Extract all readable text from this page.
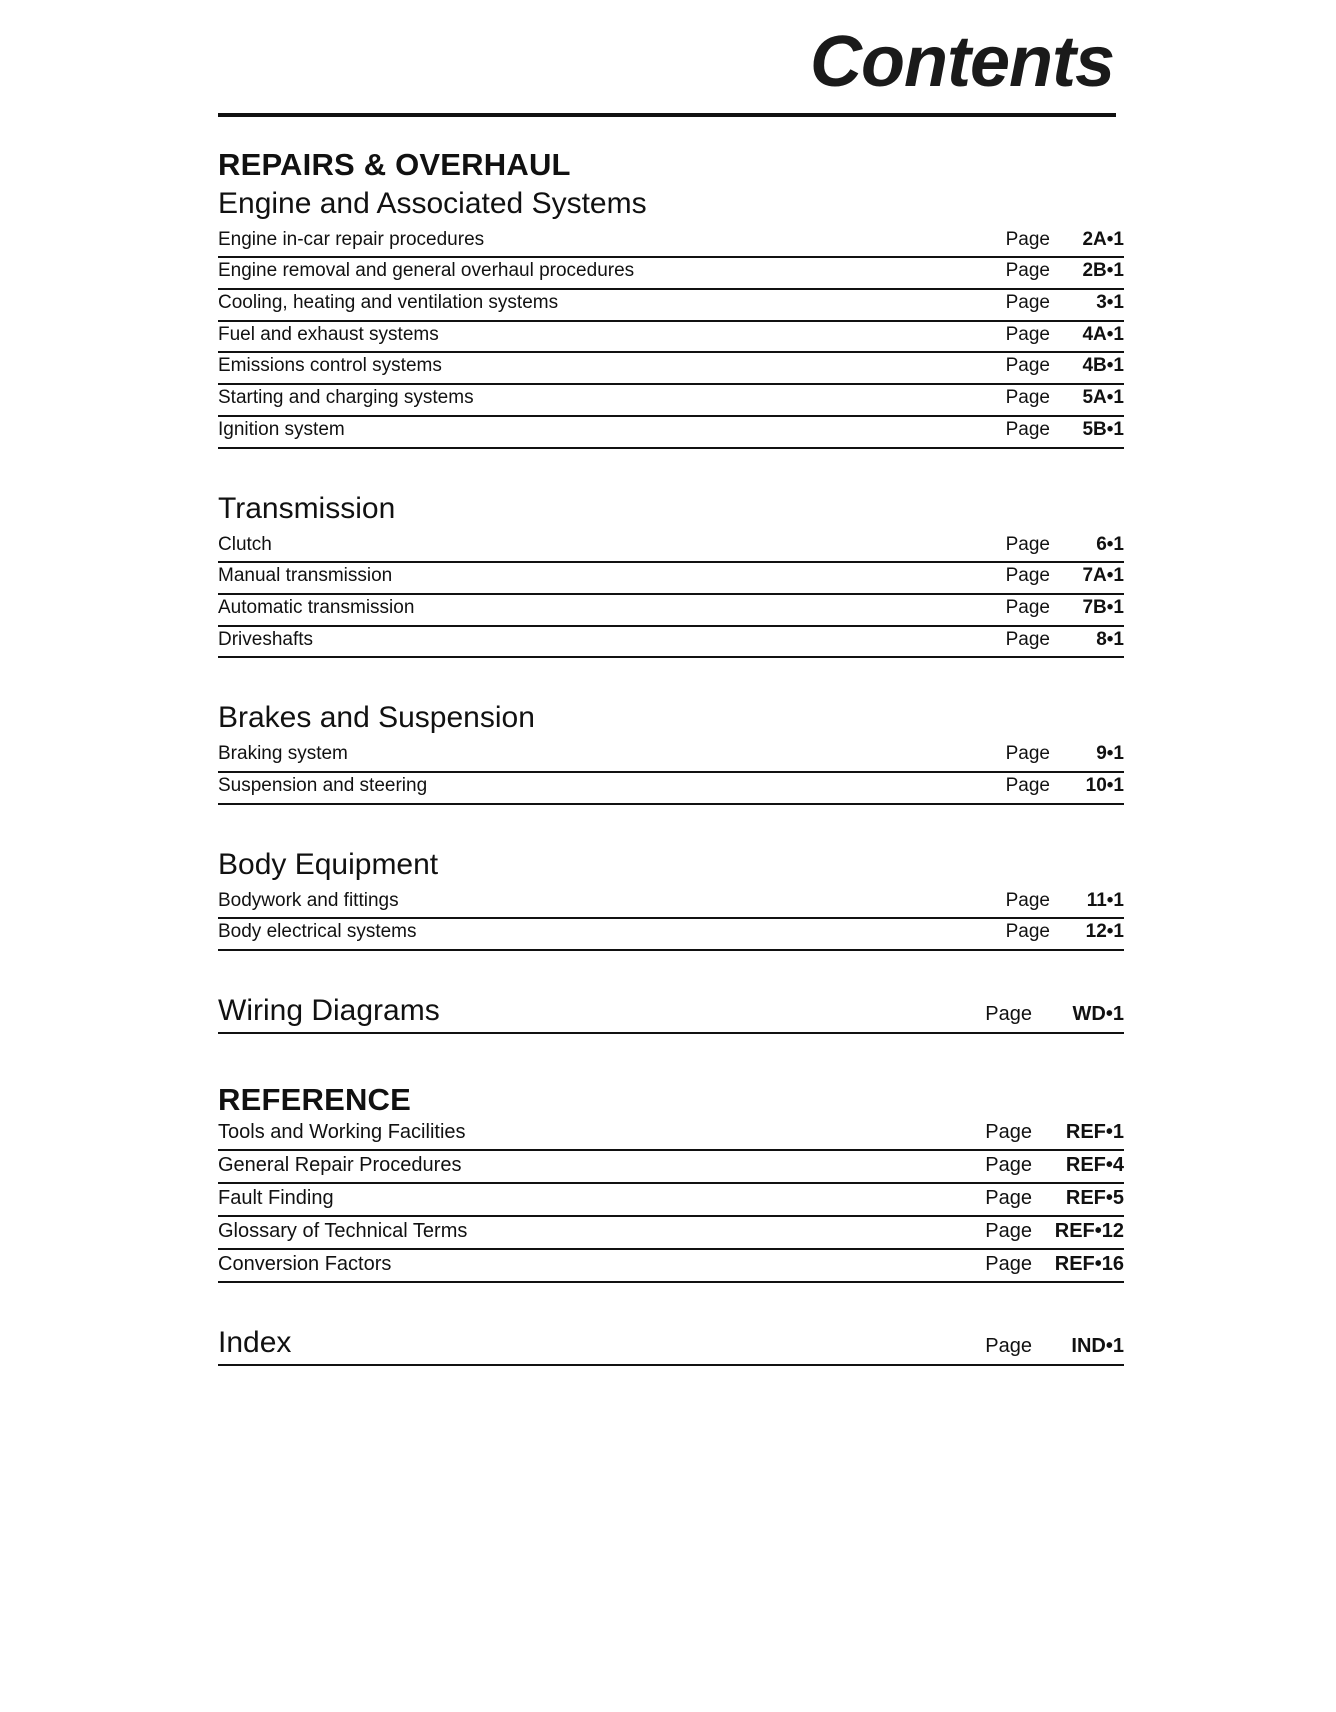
Contents
REPAIRS & OVERHAUL
Engine and Associated Systems
Engine in-car repair procedures	Page	2A•1
Engine removal and general overhaul procedures	Page	2B•1
Cooling, heating and ventilation systems	Page	3•1
Fuel and exhaust systems	Page	4A•1
Emissions control systems	Page	4B•1
Starting and charging systems	Page	5A•1
Ignition system	Page	5B•1
Transmission
Clutch	Page	6•1
Manual transmission	Page	7A•1
Automatic transmission	Page	7B•1
Driveshafts	Page	8•1
Brakes and Suspension
Braking system	Page	9•1
Suspension and steering	Page	10•1
Body Equipment
Bodywork and fittings	Page	11•1
Body electrical systems	Page	12•1
Wiring Diagrams	Page	WD•1
REFERENCE
Tools and Working Facilities	Page	REF•1
General Repair Procedures	Page	REF•4
Fault Finding	Page	REF•5
Glossary of Technical Terms	Page	REF•12
Conversion Factors	Page	REF•16
Index	Page	IND•1
